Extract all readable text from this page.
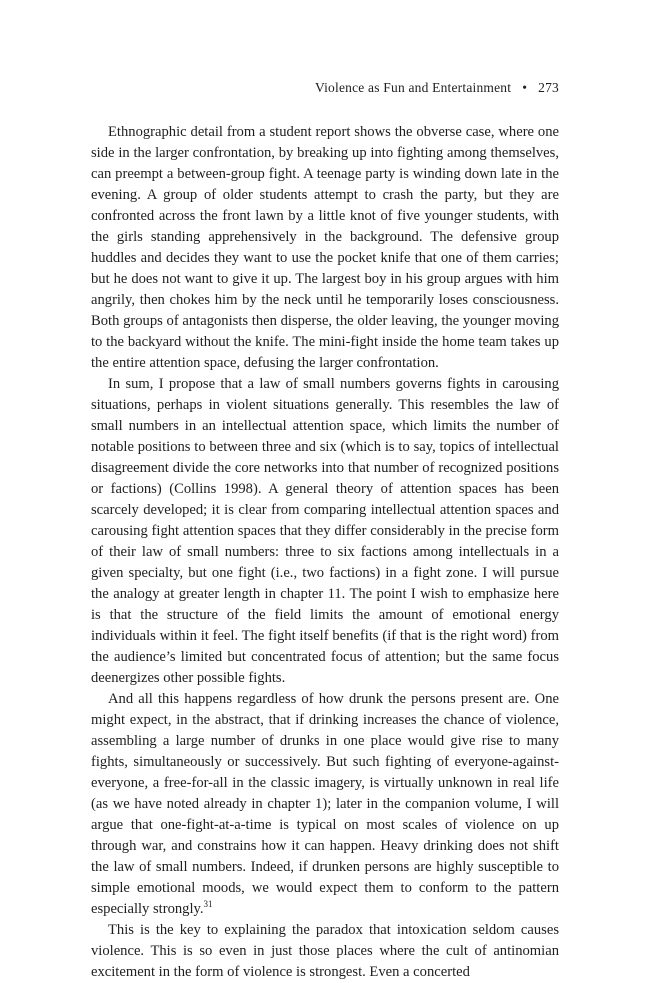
Violence as Fun and Entertainment • 273

Ethnographic detail from a student report shows the obverse case, where one side in the larger confrontation, by breaking up into fighting among themselves, can preempt a between-group fight. A teenage party is winding down late in the evening. A group of older students attempt to crash the party, but they are confronted across the front lawn by a little knot of five younger students, with the girls standing apprehensively in the background. The defensive group huddles and decides they want to use the pocket knife that one of them carries; but he does not want to give it up. The largest boy in his group argues with him angrily, then chokes him by the neck until he temporarily loses consciousness. Both groups of antagonists then disperse, the older leaving, the younger moving to the backyard without the knife. The mini-fight inside the home team takes up the entire attention space, defusing the larger confrontation.

In sum, I propose that a law of small numbers governs fights in carousing situations, perhaps in violent situations generally. This resembles the law of small numbers in an intellectual attention space, which limits the number of notable positions to between three and six (which is to say, topics of intellectual disagreement divide the core networks into that number of recognized positions or factions) (Collins 1998). A general theory of attention spaces has been scarcely developed; it is clear from comparing intellectual attention spaces and carousing fight attention spaces that they differ considerably in the precise form of their law of small numbers: three to six factions among intellectuals in a given specialty, but one fight (i.e., two factions) in a fight zone. I will pursue the analogy at greater length in chapter 11. The point I wish to emphasize here is that the structure of the field limits the amount of emotional energy individuals within it feel. The fight itself benefits (if that is the right word) from the audience’s limited but concentrated focus of attention; but the same focus deenergizes other possible fights.

And all this happens regardless of how drunk the persons present are. One might expect, in the abstract, that if drinking increases the chance of violence, assembling a large number of drunks in one place would give rise to many fights, simultaneously or successively. But such fighting of everyone-against-everyone, a free-for-all in the classic imagery, is virtually unknown in real life (as we have noted already in chapter 1); later in the companion volume, I will argue that one-fight-at-a-time is typical on most scales of violence on up through war, and constrains how it can happen. Heavy drinking does not shift the law of small numbers. Indeed, if drunken persons are highly susceptible to simple emotional moods, we would expect them to conform to the pattern especially strongly.$^{31}$

This is the key to explaining the paradox that intoxication seldom causes violence. This is so even in just those places where the cult of antinomian excitement in the form of violence is strongest. Even a concerted
